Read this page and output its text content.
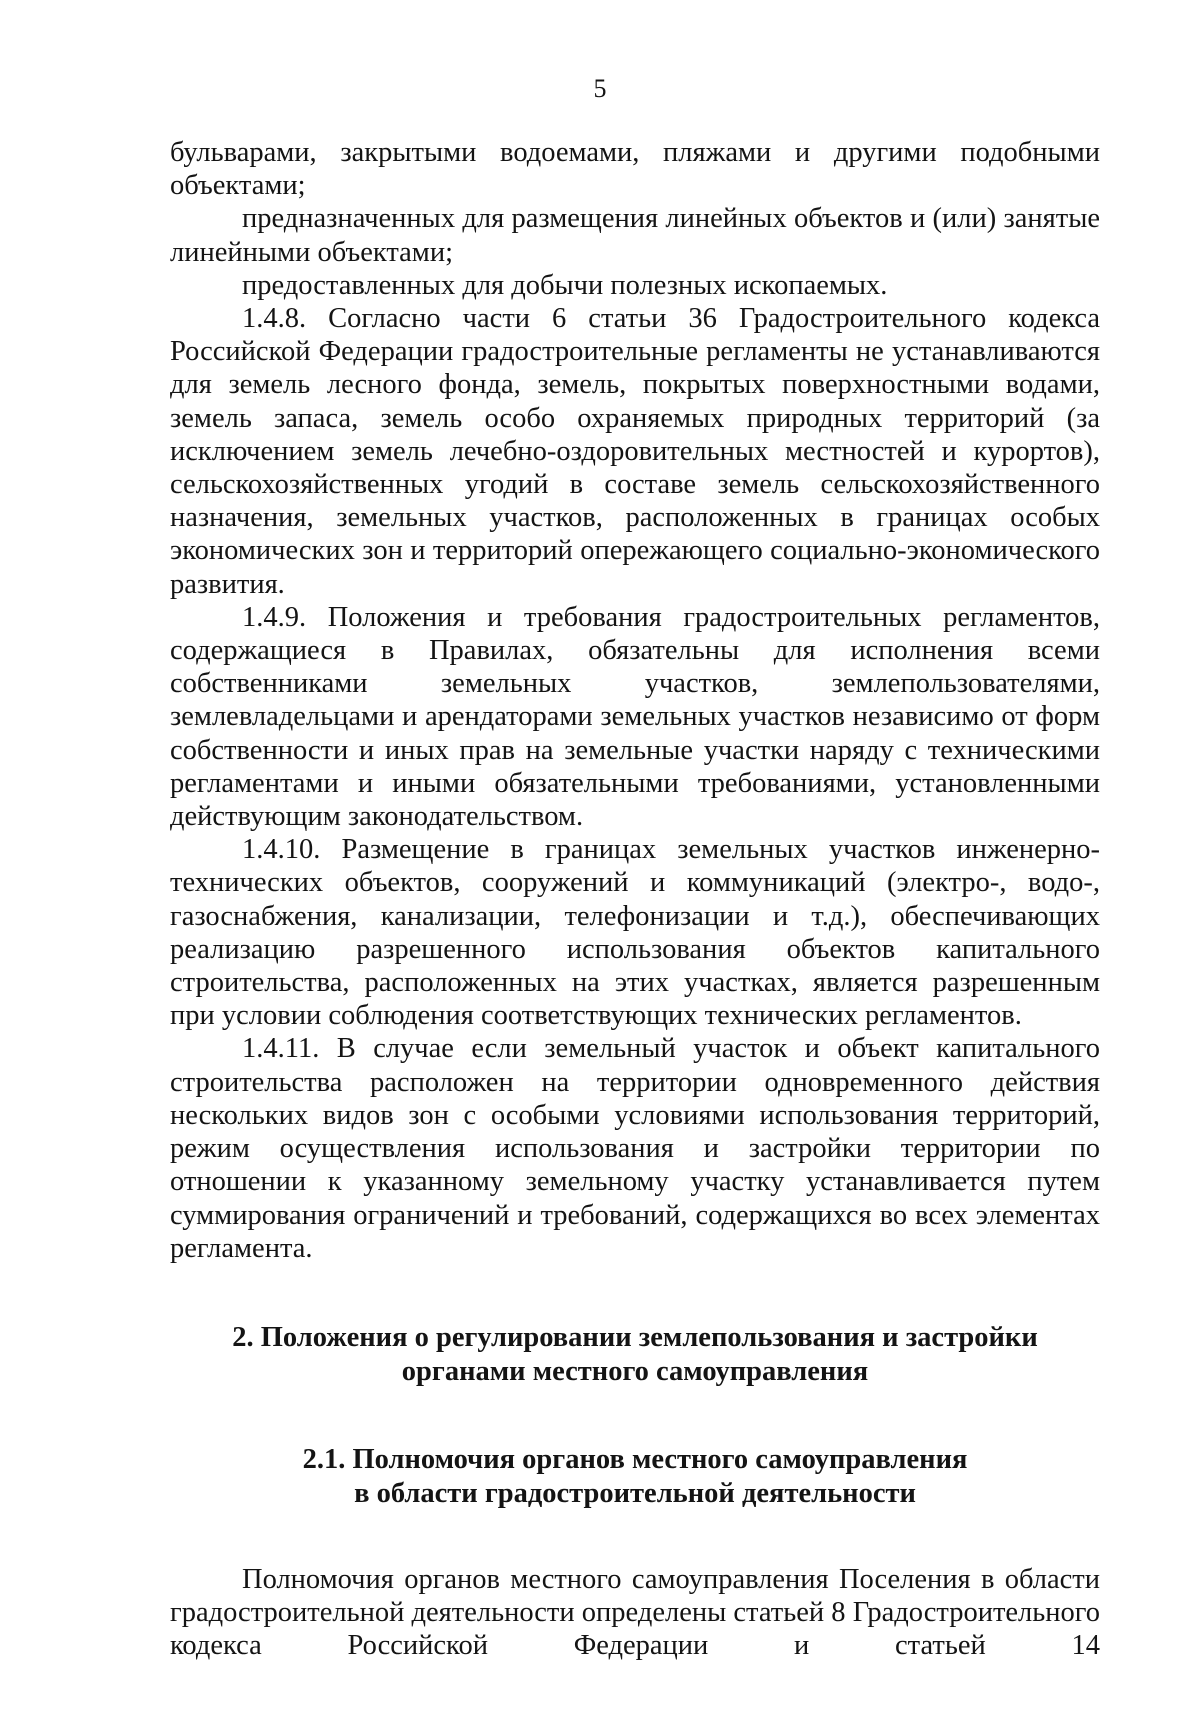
5

бульварами, закрытыми водоемами, пляжами и другими подобными объектами;

предназначенных для размещения линейных объектов и (или) занятые линейными объектами;

предоставленных для добычи полезных ископаемых.

1.4.8. Согласно части 6 статьи 36 Градостроительного кодекса Российской Федерации градостроительные регламенты не устанавливаются для земель лесного фонда, земель, покрытых поверхностными водами, земель запаса, земель особо охраняемых природных территорий (за исключением земель лечебно-оздоровительных местностей и курортов), сельскохозяйственных угодий в составе земель сельскохозяйственного назначения, земельных участков, расположенных в границах особых экономических зон и территорий опережающего социально-экономического развития.

1.4.9. Положения и требования градостроительных регламентов, содержащиеся в Правилах, обязательны для исполнения всеми собственниками земельных участков, землепользователями, землевладельцами и арендаторами земельных участков независимо от форм собственности и иных прав на земельные участки наряду с техническими регламентами и иными обязательными требованиями, установленными действующим законодательством.

1.4.10. Размещение в границах земельных участков инженерно-технических объектов, сооружений и коммуникаций (электро-, водо-, газоснабжения, канализации, телефонизации и т.д.), обеспечивающих реализацию разрешенного использования объектов капитального строительства, расположенных на этих участках, является разрешенным при условии соблюдения соответствующих технических регламентов.

1.4.11. В случае если земельный участок и объект капитального строительства расположен на территории одновременного действия нескольких видов зон с особыми условиями использования территорий, режим осуществления использования и застройки территории по отношении к указанному земельному участку устанавливается путем суммирования ограничений и требований, содержащихся во всех элементах регламента.

2. Положения о регулировании землепользования и застройки
органами местного самоуправления
2.1. Полномочия органов местного самоуправления
в области градостроительной деятельности

Полномочия органов местного самоуправления Поселения в области градостроительной деятельности определены статьей 8 Градостроительного кодекса Российской Федерации и статьей 14
